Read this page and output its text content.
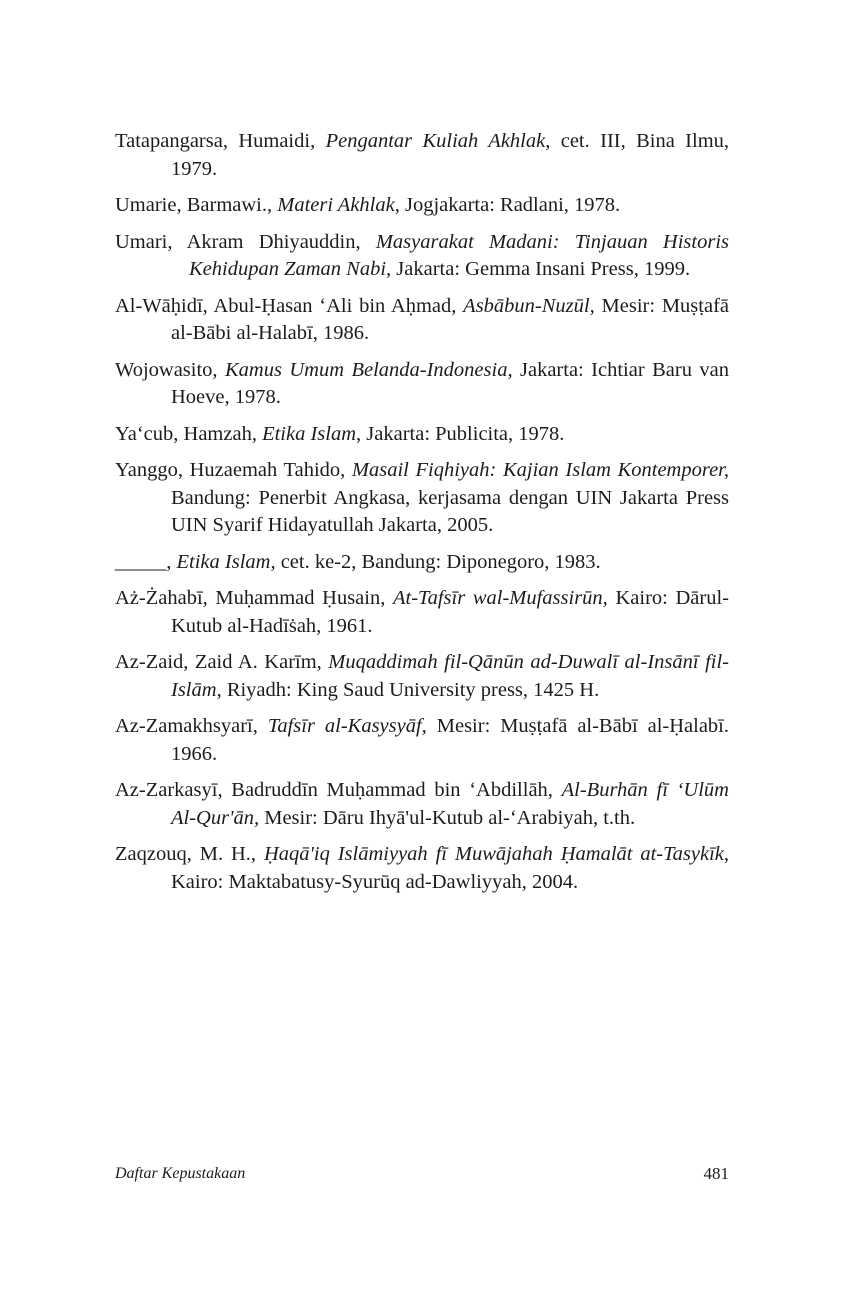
Tatapangarsa, Humaidi, Pengantar Kuliah Akhlak, cet. III, Bina Ilmu, 1979.

Umarie, Barmawi., Materi Akhlak, Jogjakarta: Radlani, 1978.

Umari, Akram Dhiyauddin, Masyarakat Madani: Tinjauan Historis Kehidupan Zaman Nabi, Jakarta: Gemma Insani Press, 1999.

Al-Wāḥidī, Abul-Ḥasan ‘Ali bin Aḥmad, Asbābun-Nuzūl, Mesir: Muṣṭafā al-Bābi al-Halabī, 1986.

Wojowasito, Kamus Umum Belanda-Indonesia, Jakarta: Ichtiar Baru van Hoeve, 1978.

Ya‘cub, Hamzah, Etika Islam, Jakarta: Publicita, 1978.

Yanggo, Huzaemah Tahido, Masail Fiqhiyah: Kajian Islam Kontemporer, Bandung: Penerbit Angkasa, kerjasama dengan UIN Jakarta Press UIN Syarif Hidayatullah Jakarta, 2005.

_____, Etika Islam, cet. ke-2, Bandung: Diponegoro, 1983.

Aż-Żahabī, Muḥammad Ḥusain, At-Tafsīr wal-Mufassirūn, Kairo: Dārul-Kutub al-Hadīṡah, 1961.

Az-Zaid, Zaid A. Karīm, Muqaddimah fil-Qānūn ad-Duwalī al-Insānī fil-Islām, Riyadh: King Saud University press, 1425 H.

Az-Zamakhsyarī, Tafsīr al-Kasysyāf, Mesir: Muṣṭafā al-Bābī al-Ḥalabī. 1966.

Az-Zarkasyī, Badruddīn Muḥammad bin ‘Abdillāh, Al-Burhān fī ‘Ulūm Al-Qur'ān, Mesir: Dāru Ihyā'ul-Kutub al-‘Arabiyah, t.th.

Zaqzouq, M. H., Ḥaqā'iq Islāmiyyah fī Muwājahah Ḥamalāt at-Tasykīk, Kairo: Maktabatusy-Syurūq ad-Dawliyyah, 2004.

Daftar Kepustakaan	481
